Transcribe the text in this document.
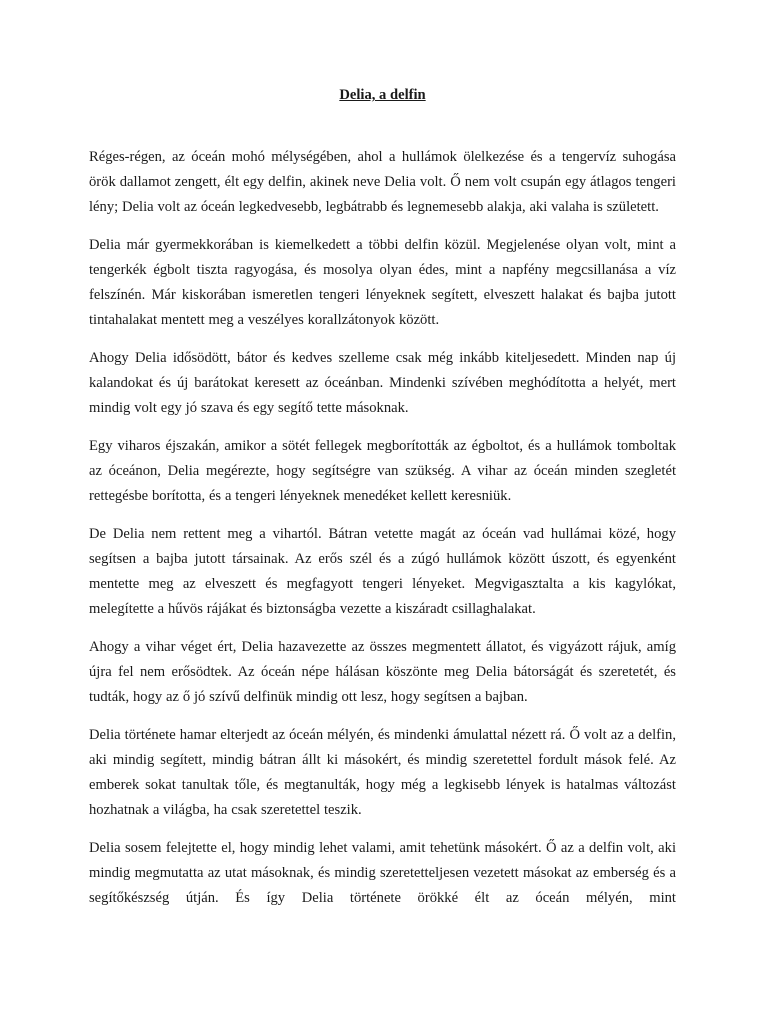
Delia, a delfin

Réges-régen, az óceán mohó mélységében, ahol a hullámok ölelkezése és a tengervíz suhogása örök dallamot zengett, élt egy delfin, akinek neve Delia volt. Ő nem volt csupán egy átlagos tengeri lény; Delia volt az óceán legkedvesebb, legbátrabb és legnemesebb alakja, aki valaha is született.

Delia már gyermekkorában is kiemelkedett a többi delfin közül. Megjelenése olyan volt, mint a tengerkék égbolt tiszta ragyogása, és mosolya olyan édes, mint a napfény megcsillanása a víz felszínén. Már kiskorában ismeretlen tengeri lényeknek segített, elveszett halakat és bajba jutott tintahalakat mentett meg a veszélyes korallzátonyok között.

Ahogy Delia idősödött, bátor és kedves szelleme csak még inkább kiteljesedett. Minden nap új kalandokat és új barátokat keresett az óceánban. Mindenki szívében meghódította a helyét, mert mindig volt egy jó szava és egy segítő tette másoknak.

Egy viharos éjszakán, amikor a sötét fellegek megborították az égboltot, és a hullámok tomboltak az óceánon, Delia megérezte, hogy segítségre van szükség. A vihar az óceán minden szegletét rettegésbe borította, és a tengeri lényeknek menedéket kellett keresniük.

De Delia nem rettent meg a vihartól. Bátran vetette magát az óceán vad hullámai közé, hogy segítsen a bajba jutott társainak. Az erős szél és a zúgó hullámok között úszott, és egyenként mentette meg az elveszett és megfagyott tengeri lényeket. Megvigasztalta a kis kagylókat, melegítette a hűvös rájákat és biztonságba vezette a kiszáradt csillaghalakat.

Ahogy a vihar véget ért, Delia hazavezette az összes megmentett állatot, és vigyázott rájuk, amíg újra fel nem erősödtek. Az óceán népe hálásan köszönte meg Delia bátorságát és szeretetét, és tudták, hogy az ő jó szívű delfinük mindig ott lesz, hogy segítsen a bajban.

Delia története hamar elterjedt az óceán mélyén, és mindenki ámulattal nézett rá. Ő volt az a delfin, aki mindig segített, mindig bátran állt ki másokért, és mindig szeretettel fordult mások felé. Az emberek sokat tanultak tőle, és megtanulták, hogy még a legkisebb lények is hatalmas változást hozhatnak a világba, ha csak szeretettel teszik.

Delia sosem felejtette el, hogy mindig lehet valami, amit tehetünk másokért. Ő az a delfin volt, aki mindig megmutatta az utat másoknak, és mindig szeretetteljesen vezetett másokat az emberség és a segítőkészség útján. És így Delia története örökké élt az óceán mélyén, mint
